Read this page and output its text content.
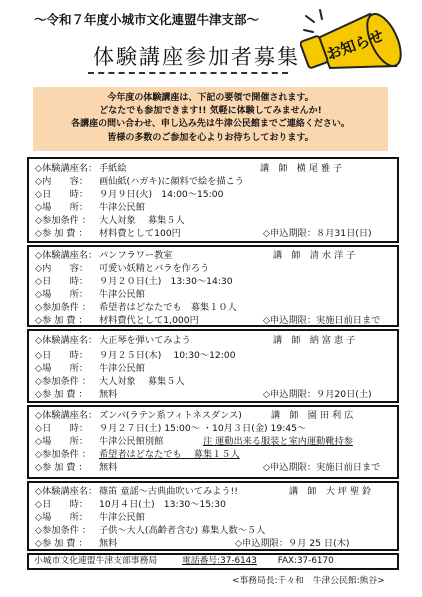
〜令和７年度小城市文化連盟牛津支部〜
体験講座参加者募集 お知らせ
今年度の体験講座は、下記の要領で開催されます。
どなたでも参加できます!! 気軽に体験してみませんか!
各講座の問い合わせ、申し込み先は牛津公民館までご連絡ください。
皆様の多数のご参加を心よりお待ちしております。
◇体験講座名： 手紙絵	講　師　 横 尾 雅 子
◇内　　容： 画仙紙(ハガキ)に顔料で絵を描こう
◇日　　時： ９月９日(火)　14:00〜15:00
◇場　　所： 牛津公民館
◇参加条件 ： 大人対象　 募集５人
◇参 加 費 ： 材料費として100円	◇申込期限：８月31日(日)
◇体験講座名： パンフラワー教室	講　師　 清 水 洋 子
◇内　　容： 可愛い妖精とバラを作ろう
◇日　　時： ９月２０日(土)　13:30〜14:30
◇場　　所： 牛津公民館
◇参加条件 ： 希望者はどなたでも　募集１０人
◇参 加 費 ： 材料費代として1,000円	◇申込期限：実施日前日まで
◇体験講座名： 大正琴を弾いてみよう	講　師　 納 富 恵 子
◇日　　時： ９月２５日(木)　 10:30〜12:00
◇場　　所： 牛津公民館
◇参加条件 ： 大人対象　 募集５人
◇参 加 費 ： 無料	◇申込期限：９月20日(土)
◇体験講座名： ズンバ(ラテン系フィトネスダンス)	講　師　 園 田 利 広
◇日　　時： ９月２７日(土) 15:00〜 ・10月３日(金) 19:45〜
◇場　　所： 牛津公民館別館	注 運動出来る服装と室内運動靴持参
◇参加条件 ： 希望者はどなたでも　 募集１５人
◇参 加 費 ： 無料	◇申込期限：実施日前日まで
◇体験講座名： 篠笛 童謡〜古典曲吹いてみよう!!	講　師　 大 坪 聖 鈴
◇日　　時： 10月４日(土)　13:30〜15:30
◇場　　所： 牛津公民館
◇参加条件 ： 子供〜大人(高齢者含む) 募集人数〜５人
◇参 加 費 ： 無料	◇申込期限：９月 25 日(木)
小城市文化連盟牛津支部事務局	電話番号:37-6143 FAX:37-6170
<事務局長:千々和　牛津公民館:熊谷>
